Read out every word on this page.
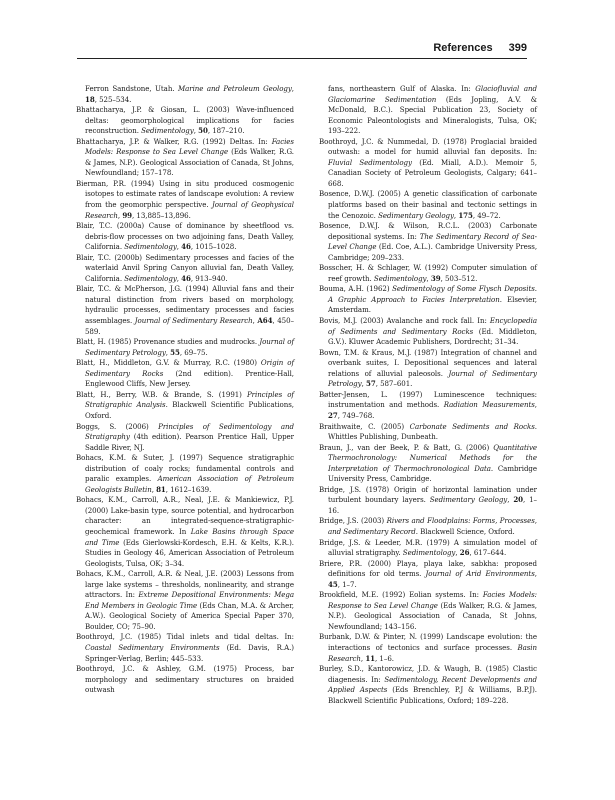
References 399

Ferron Sandstone, Utah. Marine and Petroleum Geology, 18, 525–534.

Bhattacharya, J.P. & Giosan, L. (2003) Wave-influenced deltas: geomorphological implications for facies reconstruction. Sedimentology, 50, 187–210.

Bhattacharya, J.P. & Walker, R.G. (1992) Deltas. In: Facies Models: Response to Sea Level Change (Eds Walker, R.G. & James, N.P.). Geological Association of Canada, St Johns, Newfoundland; 157–178.

Bierman, P.R. (1994) Using in situ produced cosmogenic isotopes to estimate rates of landscape evolution: A review from the geomorphic perspective. Journal of Geophysical Research, 99, 13,885–13,896.

Blair, T.C. (2000a) Cause of dominance by sheetflood vs. debris-flow processes on two adjoining fans, Death Valley, California. Sedimentology, 46, 1015–1028.

Blair, T.C. (2000b) Sedimentary processes and facies of the waterlaid Anvil Spring Canyon alluvial fan, Death Valley, California. Sedimentology, 46, 913–940.

Blair, T.C. & McPherson, J.G. (1994) Alluvial fans and their natural distinction from rivers based on morphology, hydraulic processes, sedimentary processes and facies assemblages. Journal of Sedimentary Research, A64, 450–589.

Blatt, H. (1985) Provenance studies and mudrocks. Journal of Sedimentary Petrology, 55, 69–75.

Blatt, H., Middleton, G.V. & Murray, R.C. (1980) Origin of Sedimentary Rocks (2nd edition). Prentice-Hall, Englewood Cliffs, New Jersey.

Blatt, H., Berry, W.B. & Brande, S. (1991) Principles of Stratigraphic Analysis. Blackwell Scientific Publications, Oxford.

Boggs, S. (2006) Principles of Sedimentology and Stratigraphy (4th edition). Pearson Prentice Hall, Upper Saddle River, NJ.

Bohacs, K.M. & Suter, J. (1997) Sequence stratigraphic distribution of coaly rocks; fundamental controls and paralic examples. American Association of Petroleum Geologists Bulletin, 81, 1612–1639.

Bohacs, K.M., Carroll, A.R., Neal, J.E. & Mankiewicz, P.J. (2000) Lake-basin type, source potential, and hydrocarbon character: an integrated-sequence-stratigraphic-geochemical framework. In Lake Basins through Space and Time (Eds Gierlowski-Kordesch, E.H. & Kelts, K.R.). Studies in Geology 46, American Association of Petroleum Geologists, Tulsa, OK; 3–34.

Bohacs, K.M., Carroll, A.R. & Neal, J.E. (2003) Lessons from large lake systems – thresholds, nonlinearity, and strange attractors. In: Extreme Depositional Environments: Mega End Members in Geologic Time (Eds Chan, M.A. & Archer, A.W.). Geological Society of America Special Paper 370, Boulder, CO; 75–90.

Boothroyd, J.C. (1985) Tidal inlets and tidal deltas. In: Coastal Sedimentary Environments (Ed. Davis, R.A.) Springer-Verlag, Berlin; 445–533.

Boothroyd, J.C. & Ashley, G.M. (1975) Process, bar morphology and sedimentary structures on braided outwash

fans, northeastern Gulf of Alaska. In: Glaciofluvial and Glaciomarine Sedimentation (Eds Jopling, A.V. & McDonald, B.C.). Special Publication 23, Society of Economic Paleontologists and Mineralogists, Tulsa, OK; 193–222.

Boothroyd, J.C. & Nummedal, D. (1978) Proglacial braided outwash: a model for humid alluvial fan deposits. In: Fluvial Sedimentology (Ed. Miall, A.D.). Memoir 5, Canadian Society of Petroleum Geologists, Calgary; 641–668.

Bosence, D.W.J. (2005) A genetic classification of carbonate platforms based on their basinal and tectonic settings in the Cenozoic. Sedimentary Geology, 175, 49–72.

Bosence, D.W.J. & Wilson, R.C.L. (2003) Carbonate depositional systems. In: The Sedimentary Record of Sea-Level Change (Ed. Coe, A.L.). Cambridge University Press, Cambridge; 209–233.

Bosscher, H. & Schlager, W. (1992) Computer simulation of reef growth. Sedimentology, 39, 503–512.

Bouma, A.H. (1962) Sedimentology of Some Flysch Deposits. A Graphic Approach to Facies Interpretation. Elsevier, Amsterdam.

Bovis, M.J. (2003) Avalanche and rock fall. In: Encyclopedia of Sediments and Sedimentary Rocks (Ed. Middleton, G.V.). Kluwer Academic Publishers, Dordrecht; 31–34.

Bown, T.M. & Kraus, M.J. (1987) Integration of channel and overbank suites, I. Depositional sequences and lateral relations of alluvial paleosols. Journal of Sedimentary Petrology, 57, 587–601.

Bøtter-Jensen, L. (1997) Luminescence techniques: instrumentation and methods. Radiation Measurements, 27, 749–768.

Braithwaite, C. (2005) Carbonate Sediments and Rocks. Whittles Publishing, Dunbeath.

Braun, J., van der Beek, P. & Batt, G. (2006) Quantitative Thermochronology: Numerical Methods for the Interpretation of Thermochronological Data. Cambridge University Press, Cambridge.

Bridge, J.S. (1978) Origin of horizontal lamination under turbulent boundary layers. Sedimentary Geology, 20, 1–16.

Bridge, J.S. (2003) Rivers and Floodplains: Forms, Processes, and Sedimentary Record. Blackwell Science, Oxford.

Bridge, J.S. & Leeder, M.R. (1979) A simulation model of alluvial stratigraphy. Sedimentology, 26, 617–644.

Briere, P.R. (2000) Playa, playa lake, sabkha: proposed definitions for old terms. Journal of Arid Environments, 45, 1–7.

Brookfield, M.E. (1992) Eolian systems. In: Facies Models: Response to Sea Level Change (Eds Walker, R.G. & James, N.P.). Geological Association of Canada, St Johns, Newfoundland; 143–156.

Burbank, D.W. & Pinter, N. (1999) Landscape evolution: the interactions of tectonics and surface processes. Basin Research, 11, 1–6.

Burley, S.D., Kantorowicz, J.D. & Waugh, B. (1985) Clastic diagenesis. In: Sedimentology, Recent Developments and Applied Aspects (Eds Brenchley, P.J & Williams, B.P.J). Blackwell Scientific Publications, Oxford; 189–228.
